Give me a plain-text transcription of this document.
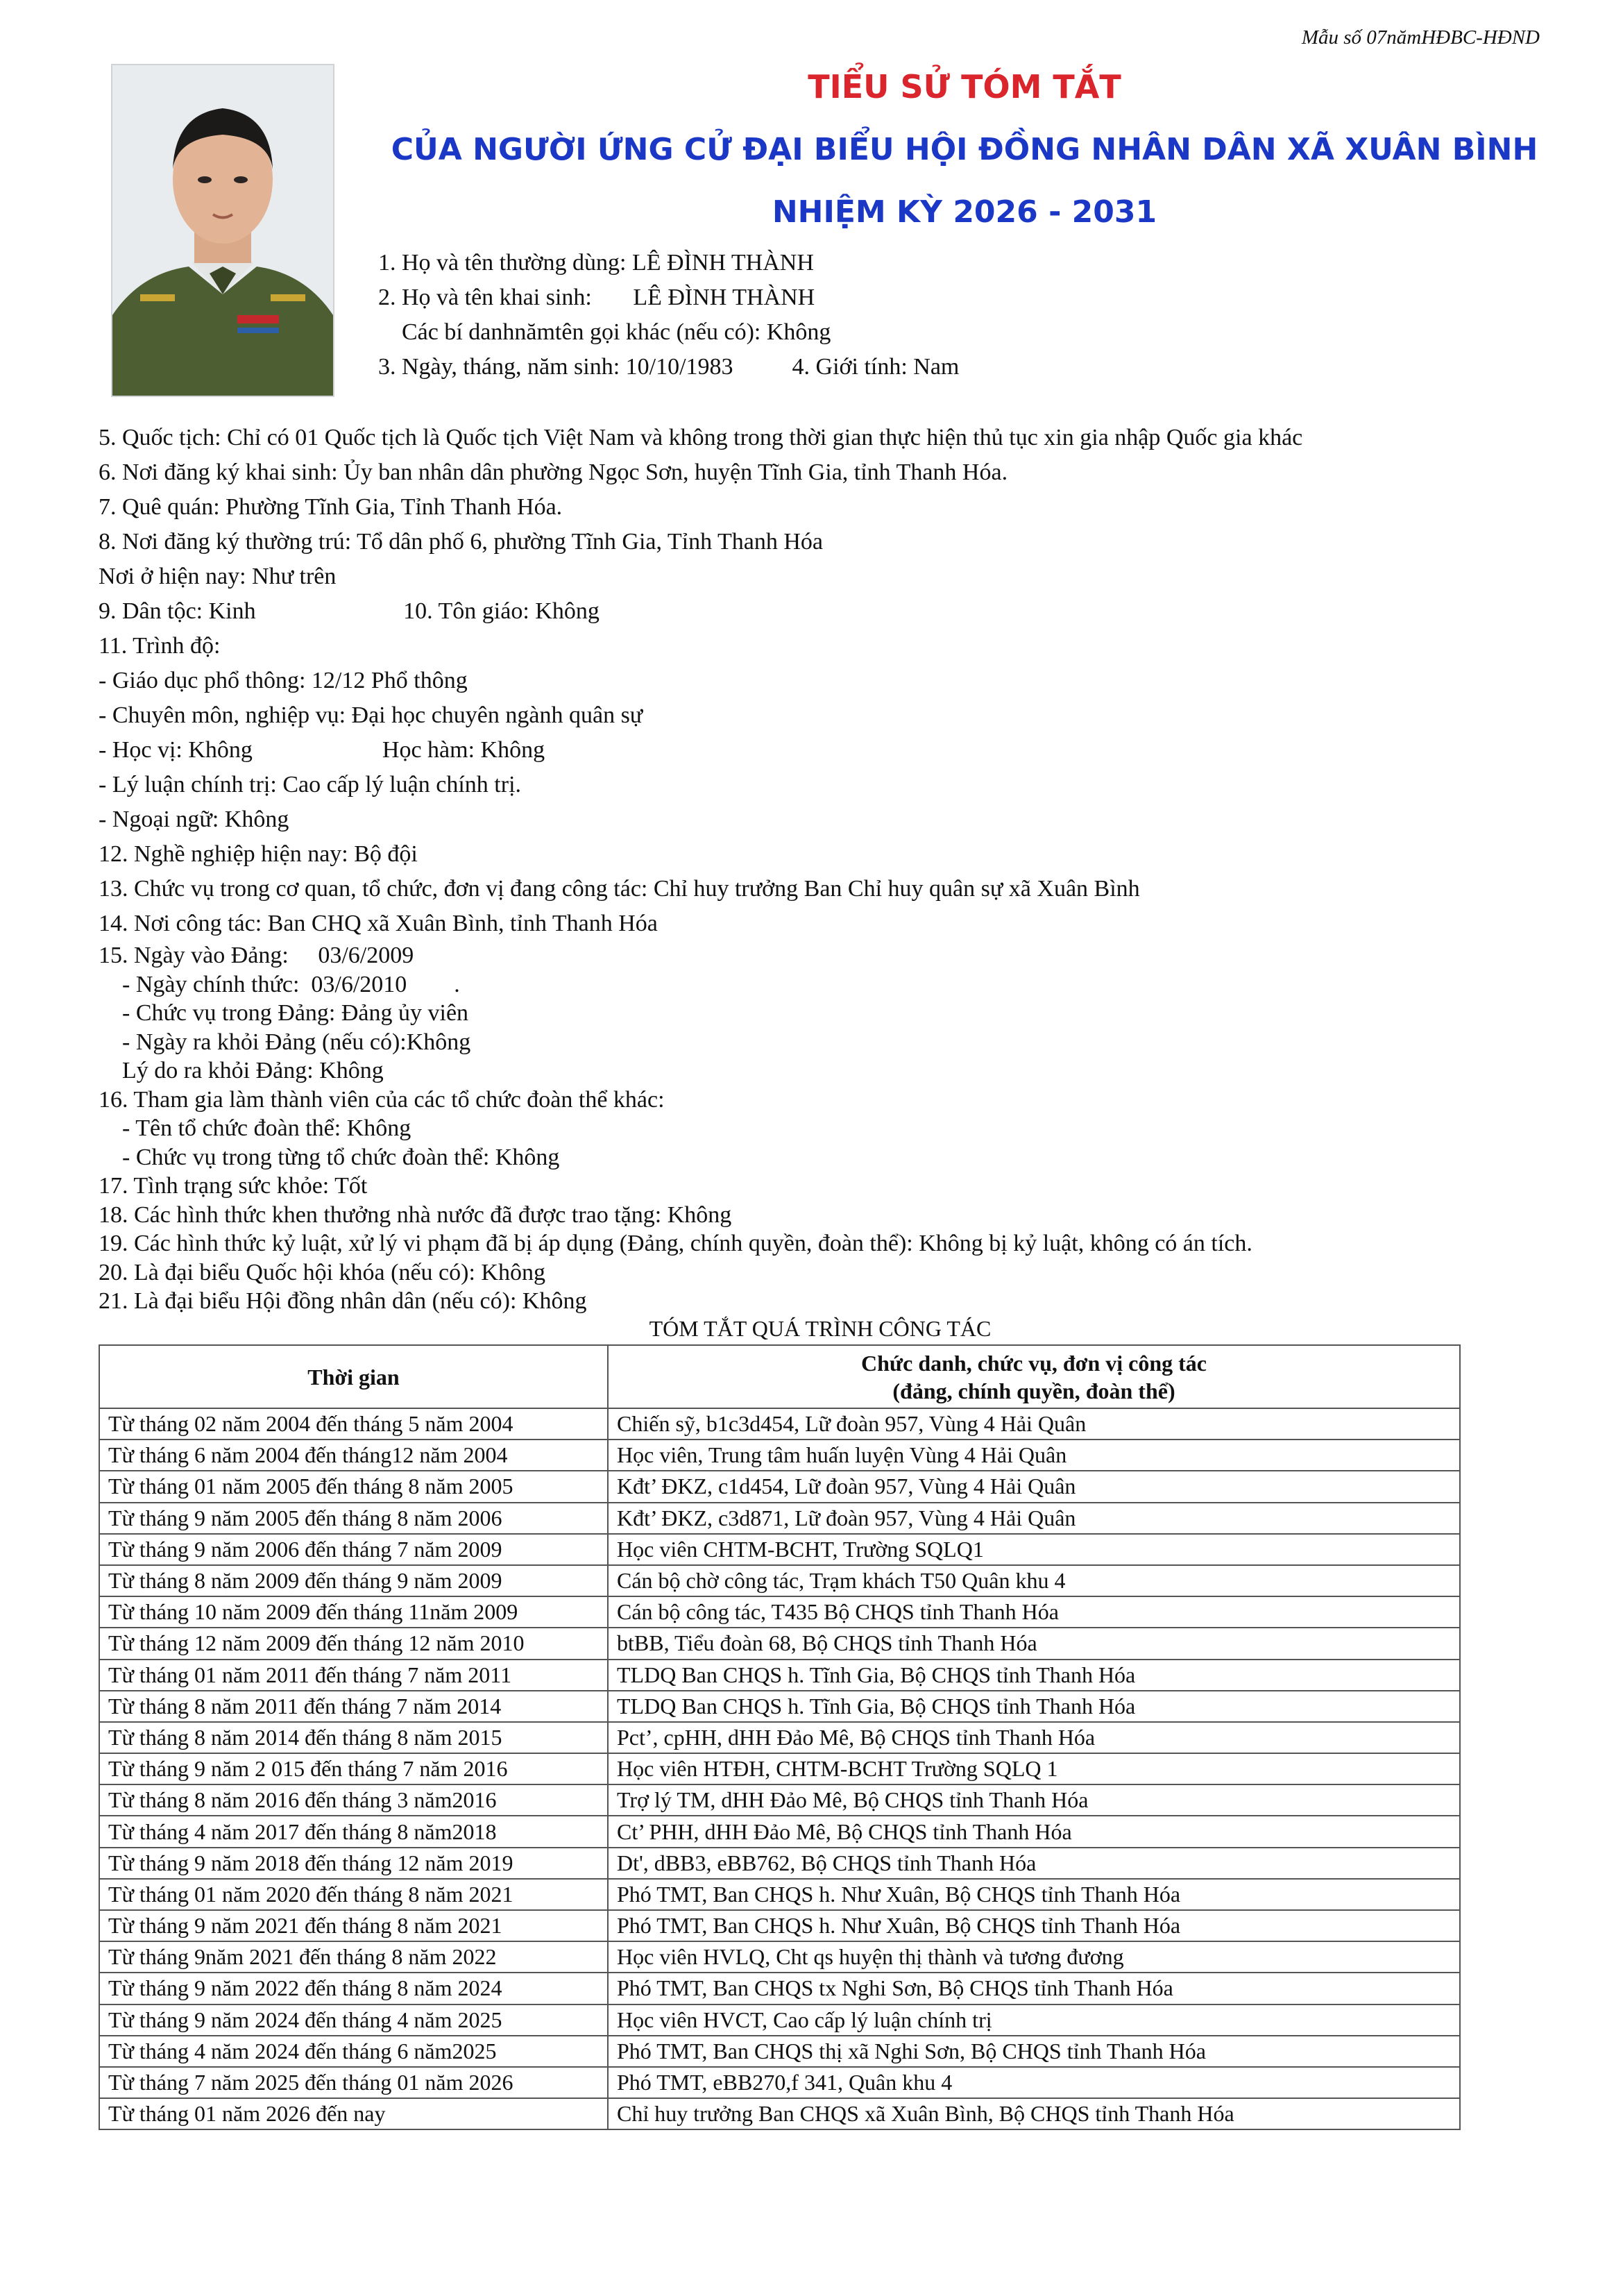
Mẫu số 07nămHĐBC-HĐND
TIỂU SỬ TÓM TẮT
CỦA NGƯỜI ỨNG CỬ ĐẠI BIỂU HỘI ĐỒNG NHÂN DÂN XÃ XUÂN BÌNH
NHIỆM KỲ 2026 - 2031
1. Họ và tên thường dùng: LÊ ĐÌNH THÀNH
2. Họ và tên khai sinh:       LÊ ĐÌNH THÀNH
Các bí danhnămtên gọi khác (nếu có): Không
3. Ngày, tháng, năm sinh: 10/10/1983          4. Giới tính: Nam
5. Quốc tịch: Chỉ có 01 Quốc tịch là Quốc tịch Việt Nam và không trong thời gian thực hiện thủ tục xin gia nhập Quốc gia khác
6. Nơi đăng ký khai sinh: Ủy ban nhân dân phường Ngọc Sơn, huyện Tĩnh Gia, tỉnh Thanh Hóa.
7. Quê quán: Phường Tĩnh Gia, Tỉnh Thanh Hóa.
8. Nơi đăng ký thường trú: Tổ dân phố 6, phường Tĩnh Gia, Tỉnh Thanh Hóa
Nơi ở hiện nay: Như trên
9. Dân tộc: Kinh                         10. Tôn giáo: Không
11. Trình độ:
- Giáo dục phổ thông: 12/12 Phổ thông
- Chuyên môn, nghiệp vụ: Đại học chuyên ngành quân sự
- Học vị: Không                      Học hàm: Không
- Lý luận chính trị: Cao cấp lý luận chính trị.
- Ngoại ngữ: Không
12. Nghề nghiệp hiện nay: Bộ đội
13. Chức vụ trong cơ quan, tổ chức, đơn vị đang công tác: Chỉ huy trưởng Ban Chỉ huy quân sự xã Xuân Bình
14. Nơi công tác: Ban CHQ xã Xuân Bình, tỉnh Thanh Hóa
15. Ngày vào Đảng:     03/6/2009
- Ngày chính thức:  03/6/2010        .
- Chức vụ trong Đảng: Đảng ủy viên
- Ngày ra khỏi Đảng (nếu có):Không
Lý do ra khỏi Đảng: Không
16. Tham gia làm thành viên của các tổ chức đoàn thể khác:
- Tên tổ chức đoàn thể: Không
- Chức vụ trong từng tổ chức đoàn thể: Không
17. Tình trạng sức khỏe: Tốt
18. Các hình thức khen thưởng nhà nước đã được trao tặng: Không
19. Các hình thức kỷ luật, xử lý vi phạm đã bị áp dụng (Đảng, chính quyền, đoàn thể): Không bị kỷ luật, không có án tích.
20. Là đại biểu Quốc hội khóa (nếu có): Không
21. Là đại biểu Hội đồng nhân dân (nếu có): Không
TÓM TẮT QUÁ TRÌNH CÔNG TÁC
Thời gian	Chức danh, chức vụ, đơn vị công tác
(đảng, chính quyền, đoàn thể)

Từ tháng 02 năm 2004 đến tháng 5 năm 2004	Chiến sỹ, b1c3d454, Lữ đoàn 957, Vùng 4 Hải Quân
Từ tháng 6 năm 2004 đến tháng12 năm 2004	Học viên, Trung tâm huấn luyện Vùng 4 Hải Quân
Từ tháng 01 năm 2005 đến tháng 8 năm 2005	Kđt’ ĐKZ, c1d454, Lữ đoàn 957, Vùng 4 Hải Quân
Từ tháng 9 năm 2005 đến tháng 8 năm 2006	Kđt’ ĐKZ, c3d871, Lữ đoàn 957, Vùng 4 Hải Quân
Từ tháng 9 năm 2006 đến tháng 7 năm 2009	Học viên CHTM-BCHT, Trường SQLQ1
Từ tháng 8 năm 2009 đến tháng 9 năm 2009	Cán bộ chờ công tác, Trạm khách T50 Quân khu 4
Từ tháng 10 năm 2009 đến tháng 11năm 2009	Cán bộ công tác, T435 Bộ CHQS tỉnh Thanh Hóa
Từ tháng 12 năm 2009 đến tháng 12 năm 2010	btBB, Tiểu đoàn 68, Bộ CHQS tỉnh Thanh Hóa
Từ tháng 01 năm 2011 đến tháng 7 năm 2011	TLDQ Ban CHQS h. Tĩnh Gia, Bộ CHQS tỉnh Thanh Hóa
Từ tháng 8 năm 2011 đến tháng 7 năm 2014	TLDQ Ban CHQS h. Tĩnh Gia, Bộ CHQS tỉnh Thanh Hóa
Từ tháng 8 năm 2014 đến tháng 8 năm 2015	Pct’, cpHH, dHH Đảo Mê, Bộ CHQS tỉnh Thanh Hóa
Từ tháng 9 năm 2 015 đến tháng 7 năm 2016	Học viên HTĐH, CHTM-BCHT Trường SQLQ 1
Từ tháng 8 năm 2016 đến tháng 3 năm2016	Trợ lý TM, dHH Đảo Mê, Bộ CHQS tỉnh Thanh Hóa
Từ tháng 4 năm 2017 đến tháng 8 năm2018	Ct’ PHH, dHH Đảo Mê, Bộ CHQS tỉnh Thanh Hóa
Từ tháng 9 năm 2018 đến tháng 12 năm 2019	Dt', dBB3, eBB762, Bộ CHQS tỉnh Thanh Hóa
Từ tháng 01 năm 2020 đến tháng 8 năm 2021	Phó TMT, Ban CHQS h. Như Xuân, Bộ CHQS tỉnh Thanh Hóa
Từ tháng 9 năm 2021 đến tháng 8 năm 2021	Phó TMT, Ban CHQS h. Như Xuân, Bộ CHQS tỉnh Thanh Hóa
Từ tháng 9năm 2021 đến tháng 8 năm 2022	Học viên HVLQ, Cht qs huyện thị thành và tương đương
Từ tháng 9 năm 2022 đến tháng 8 năm 2024	Phó TMT, Ban CHQS tx Nghi Sơn, Bộ CHQS tỉnh Thanh Hóa
Từ tháng 9 năm 2024 đến tháng 4 năm 2025	Học viên HVCT, Cao cấp lý luận chính trị
Từ tháng 4 năm 2024 đến tháng 6 năm2025	Phó TMT, Ban CHQS thị xã Nghi Sơn, Bộ CHQS tỉnh Thanh Hóa
Từ tháng 7 năm 2025 đến tháng 01 năm 2026	Phó TMT, eBB270,f 341, Quân khu 4
Từ tháng 01 năm 2026 đến nay	Chỉ huy trưởng Ban CHQS xã Xuân Bình, Bộ CHQS tỉnh Thanh Hóa
